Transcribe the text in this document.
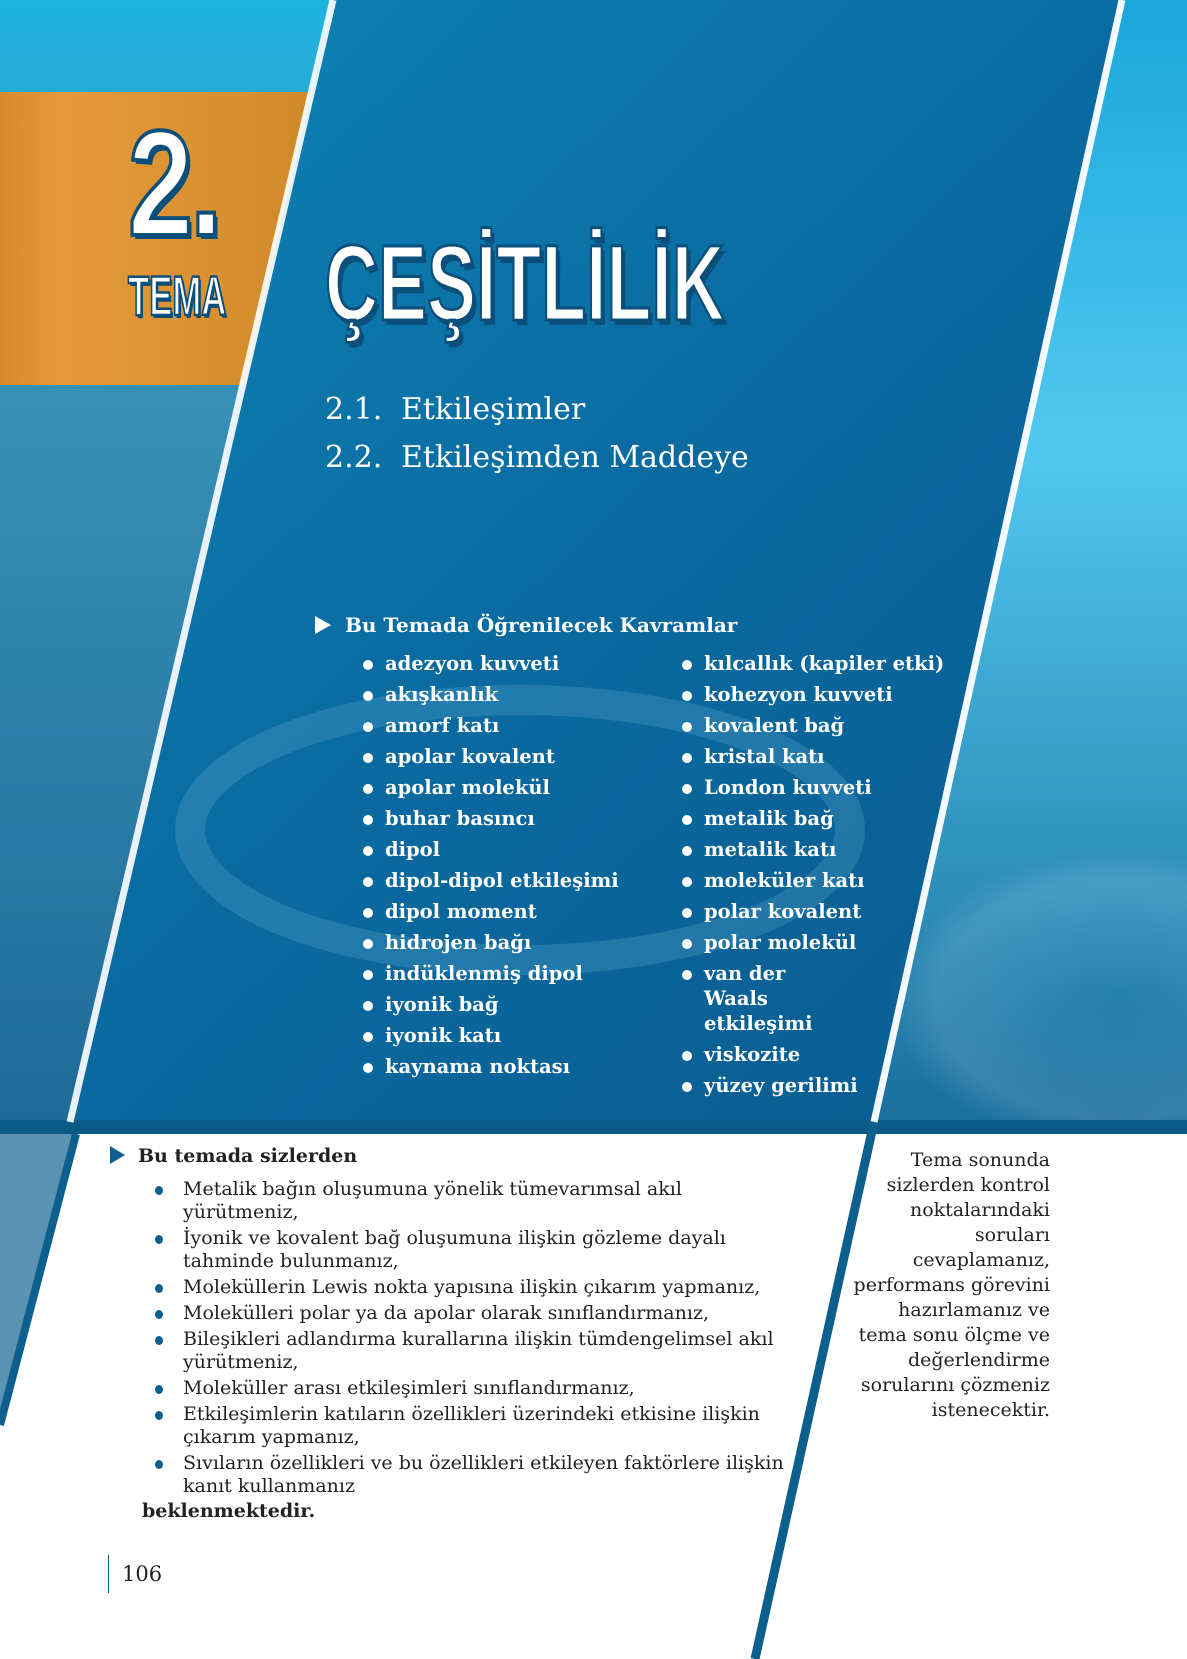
2.
TEMA ÇEŞİTLİLİK
2.1. Etkileşimler
2.2. Etkileşimden Maddeye
Bu Temada Öğrenilecek Kavramlar
adezyon kuvveti
akışkanlık
amorf katı
apolar kovalent
apolar molekül
buhar basıncı
dipol
dipol-dipol etkileşimi
dipol moment
hidrojen bağı
indüklenmiş dipol
iyonik bağ
iyonik katı
kaynama noktası
kılcallık (kapiler etki)
kohezyon kuvveti
kovalent bağ
kristal katı
London kuvveti
metalik bağ
metalik katı
moleküler katı
polar kovalent
polar molekül
van der Waals etkileşimi
viskozite
yüzey gerilimi
Bu temada sizlerden
Metalik bağın oluşumuna yönelik tümevarımsal akıl yürütmeniz,
İyonik ve kovalent bağ oluşumuna ilişkin gözleme dayalı tahminde bulunmanız,
Moleküllerin Lewis nokta yapısına ilişkin çıkarım yapmanız,
Molekülleri polar ya da apolar olarak sınıflandırmanız,
Bileşikleri adlandırma kurallarına ilişkin tümdengelimsel akıl yürütmeniz,
Moleküller arası etkileşimleri sınıflandırmanız,
Etkileşimlerin katıların özellikleri üzerindeki etkisine ilişkin çıkarım yapmanız,
Sıvıların özellikleri ve bu özellikleri etkileyen faktörlere ilişkin kanıt kullanmanız
beklenmektedir.
Tema sonunda sizlerden kontrol noktalarındaki soruları cevaplamanız, performans görevini hazırlamanız ve tema sonu ölçme ve değerlendirme sorularını çözmeniz istenecektir.
106
